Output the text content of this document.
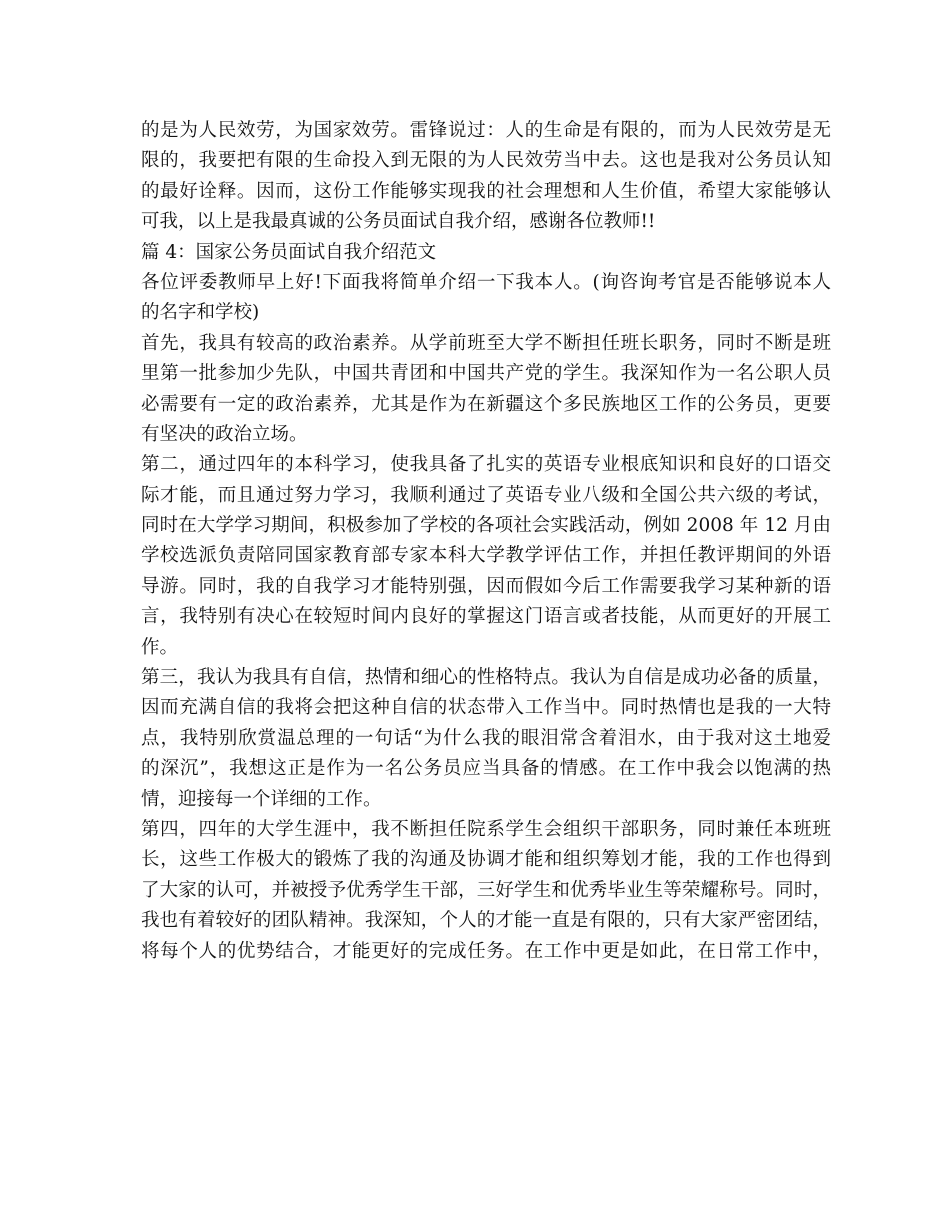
的是为人民效劳，为国家效劳。雷锋说过：人的生命是有限的，而为人民效劳是无
限的，我要把有限的生命投入到无限的为人民效劳当中去。这也是我对公务员认知
的最好诠释。因而，这份工作能够实现我的社会理想和人生价值，希望大家能够认
可我，以上是我最真诚的公务员面试自我介绍，感谢各位教师!!
篇 4：国家公务员面试自我介绍范文
各位评委教师早上好!下面我将简单介绍一下我本人。(询咨询考官是否能够说本人
的名字和学校)
首先，我具有较高的政治素养。从学前班至大学不断担任班长职务，同时不断是班
里第一批参加少先队，中国共青团和中国共产党的学生。我深知作为一名公职人员
必需要有一定的政治素养，尤其是作为在新疆这个多民族地区工作的公务员，更要
有坚决的政治立场。
第二，通过四年的本科学习，使我具备了扎实的英语专业根底知识和良好的口语交
际才能，而且通过努力学习，我顺利通过了英语专业八级和全国公共六级的考试，
同时在大学学习期间，积极参加了学校的各项社会实践活动，例如 2008 年 12 月由
学校选派负责陪同国家教育部专家本科大学教学评估工作，并担任教评期间的外语
导游。同时，我的自我学习才能特别强，因而假如今后工作需要我学习某种新的语
言，我特别有决心在较短时间内良好的掌握这门语言或者技能，从而更好的开展工
作。
第三，我认为我具有自信，热情和细心的性格特点。我认为自信是成功必备的质量，
因而充满自信的我将会把这种自信的状态带入工作当中。同时热情也是我的一大特
点，我特别欣赏温总理的一句话“为什么我的眼泪常含着泪水，由于我对这土地爱
的深沉”，我想这正是作为一名公务员应当具备的情感。在工作中我会以饱满的热
情，迎接每一个详细的工作。
第四，四年的大学生涯中，我不断担任院系学生会组织干部职务，同时兼任本班班
长，这些工作极大的锻炼了我的沟通及协调才能和组织筹划才能，我的工作也得到
了大家的认可，并被授予优秀学生干部，三好学生和优秀毕业生等荣耀称号。同时，
我也有着较好的团队精神。我深知，个人的才能一直是有限的，只有大家严密团结，
将每个人的优势结合，才能更好的完成任务。在工作中更是如此，在日常工作中，
